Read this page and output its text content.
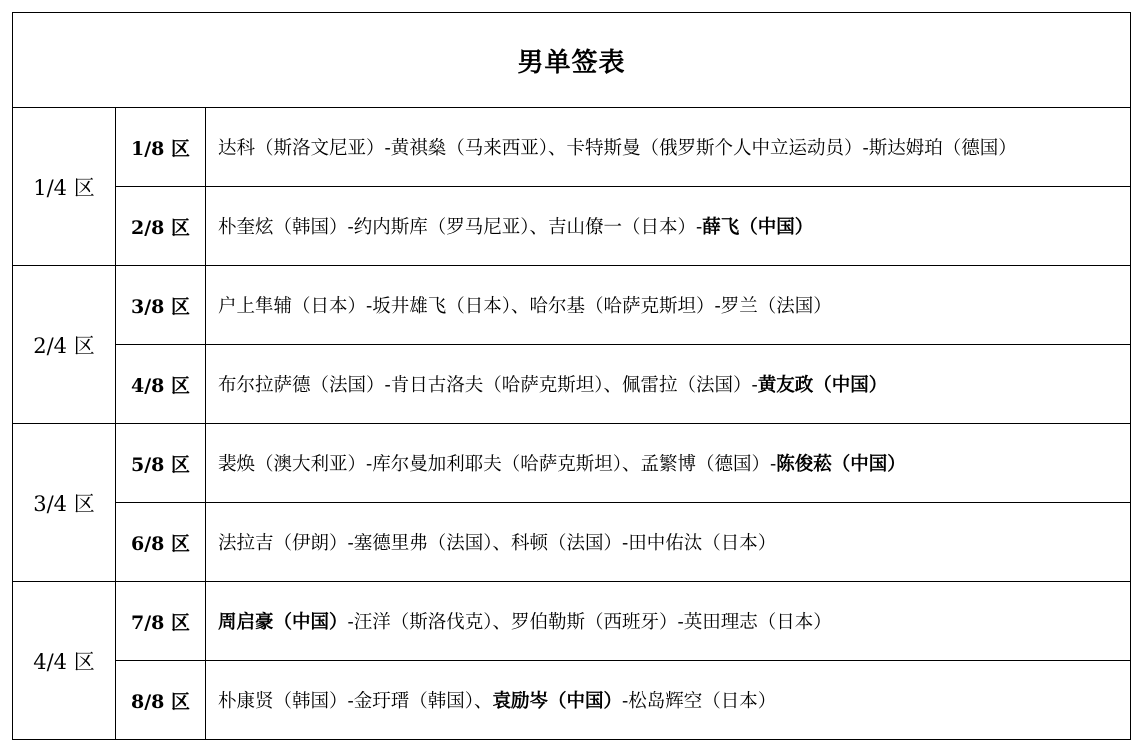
男单签表		
1/4 区	1/8 区	达科（斯洛文尼亚）-黄祺燊（马来西亚）、卡特斯曼（俄罗斯个人中立运动员）-斯达姆珀（德国）
	2/8 区	朴奎炫（韩国）-约内斯库（罗马尼亚）、吉山僚一（日本）-薛飞（中国）
2/4 区	3/8 区	户上隼辅（日本）-坂井雄飞（日本）、哈尔基（哈萨克斯坦）-罗兰（法国）
	4/8 区	布尔拉萨德（法国）-肯日古洛夫（哈萨克斯坦）、佩雷拉（法国）-黄友政（中国）
3/4 区	5/8 区	裴焕（澳大利亚）-库尔曼加利耶夫（哈萨克斯坦）、孟繁博（德国）-陈俊菘（中国）
	6/8 区	法拉吉（伊朗）-塞德里弗（法国）、科顿（法国）-田中佑汰（日本）
4/4 区	7/8 区	周启豪（中国）-汪洋（斯洛伐克）、罗伯勒斯（西班牙）-英田理志（日本）
	8/8 区	朴康贤（韩国）-金玗瑨（韩国）、袁励岑（中国）-松岛辉空（日本）
